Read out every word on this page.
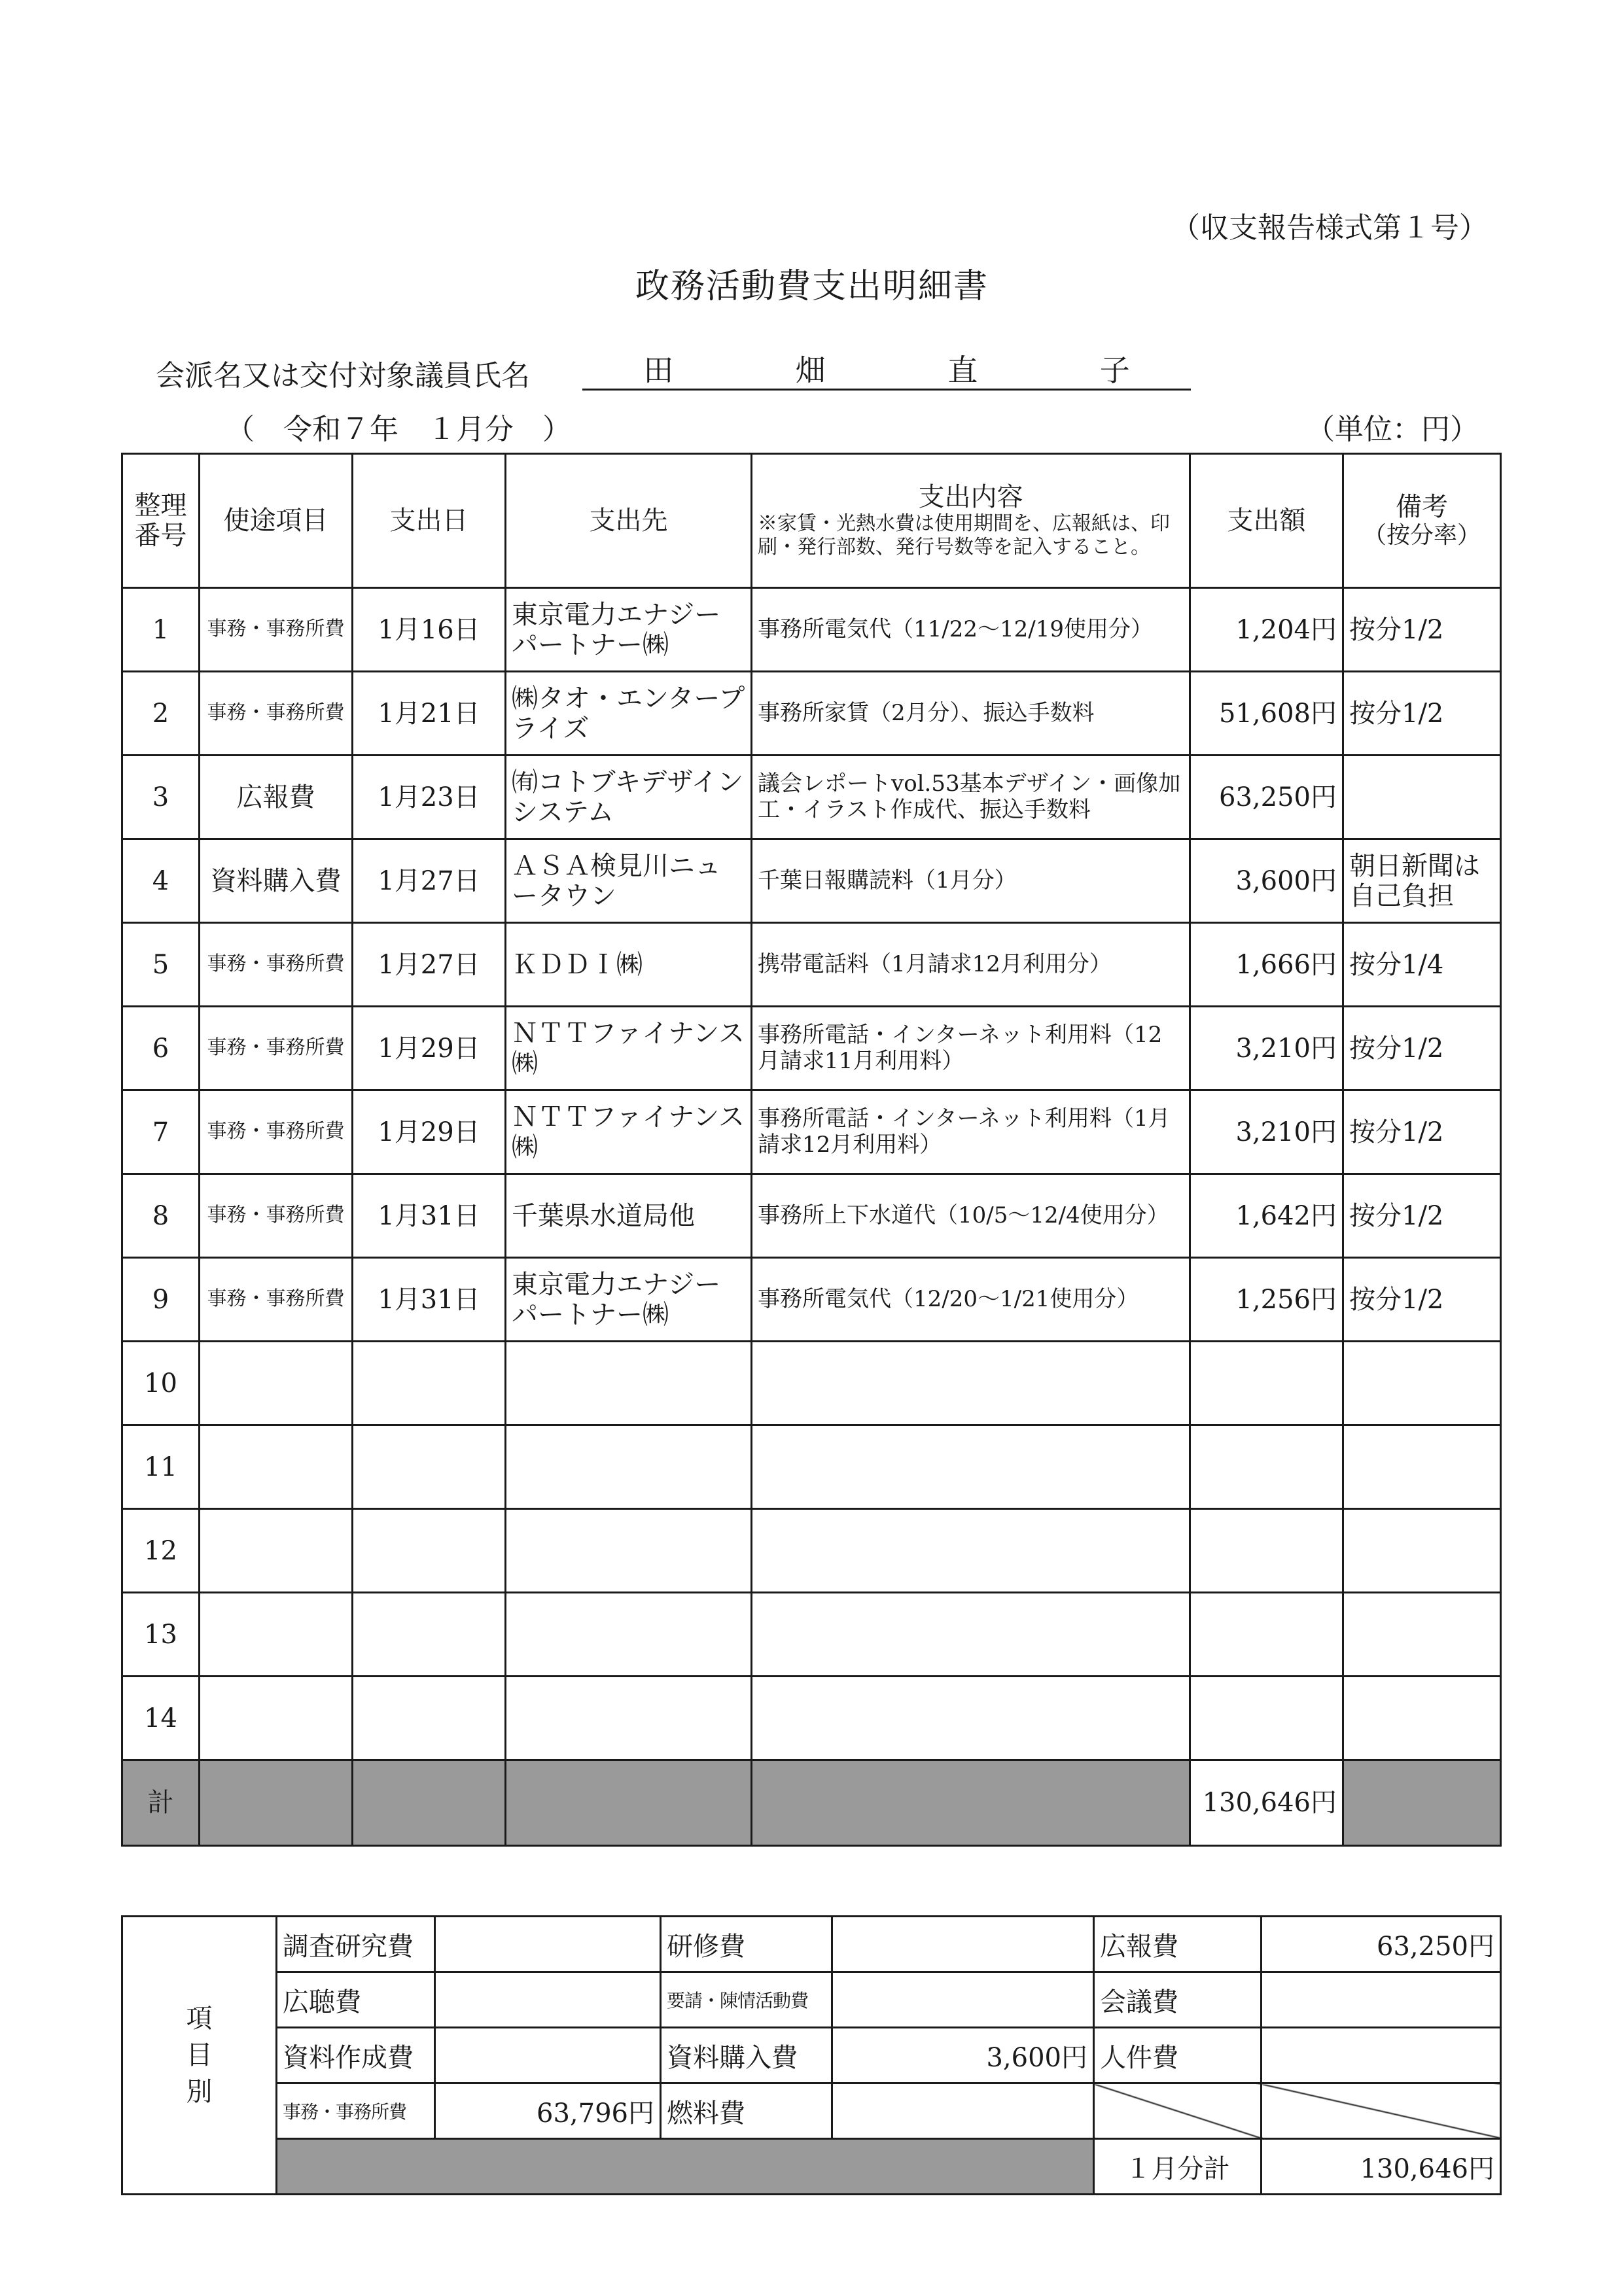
（収支報告様式第１号）
政務活動費支出明細書
会派名又は交付対象議員氏名	田	畑	直	子
（　 令和７年　１月分　 ）	（単位：円）
整理
番号	使途項目	支出日	支出先	支出内容
※家賃・光熱水費は使用期間を、広報紙は、印刷・発行部数、発行号数等を記入すること。	支出額	備考
（按分率）

1	事務・事務所費	1月16日	東京電力エナジーパートナー㈱	事務所電気代（11/22～12/19使用分）	1,204円	按分1/2
2	事務・事務所費	1月21日	㈱タオ・エンタープライズ	事務所家賃（2月分）、振込手数料	51,608円	按分1/2
3	広報費	1月23日	㈲コトブキデザインシステム	議会レポートvol.53基本デザイン・画像加工・イラスト作成代、振込手数料	63,250円	
4	資料購入費	1月27日	ＡＳＡ検見川ニュータウン	千葉日報購読料（1月分）	3,600円	朝日新聞は自己負担
5	事務・事務所費	1月27日	ＫＤＤＩ㈱	携帯電話料（1月請求12月利用分）	1,666円	按分1/4
6	事務・事務所費	1月29日	ＮＴＴファイナンス㈱	事務所電話・インターネット利用料（12月請求11月利用料）	3,210円	按分1/2
7	事務・事務所費	1月29日	ＮＴＴファイナンス㈱	事務所電話・インターネット利用料（1月請求12月利用料）	3,210円	按分1/2
8	事務・事務所費	1月31日	千葉県水道局他	事務所上下水道代（10/5～12/4使用分）	1,642円	按分1/2
9	事務・事務所費	1月31日	東京電力エナジーパートナー㈱	事務所電気代（12/20～1/21使用分）	1,256円	按分1/2
10						
11						
12						
13						
14						
計					130,646円	
項
目
別	調査研究費		研修費		広報費	63,250円
	広聴費		要請・陳情活動費		会議費	
	資料作成費		資料購入費	3,600円	人件費	
	事務・事務所費	63,796円	燃料費			
					１月分計	130,646円
